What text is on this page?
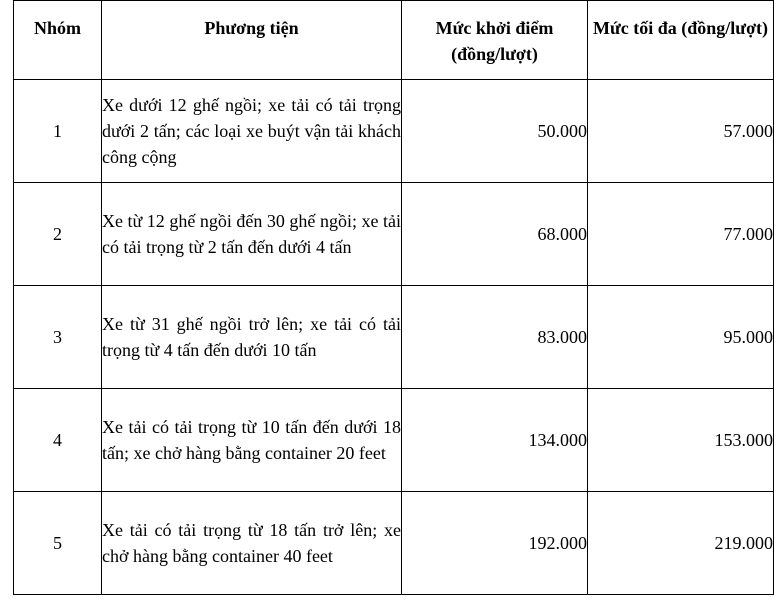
Nhóm	Phương tiện	Mức khởi điểm (đồng/lượt)	Mức tối đa (đồng/lượt)
1	Xe dưới 12 ghế ngồi; xe tải có tải trọng dưới 2 tấn; các loại xe buýt vận tải khách công cộng	50.000	57.000
2	Xe từ 12 ghế ngồi đến 30 ghế ngồi; xe tải có tải trọng từ 2 tấn đến dưới 4 tấn	68.000	77.000
3	Xe từ 31 ghế ngồi trở lên; xe tải có tải trọng từ 4 tấn đến dưới 10 tấn	83.000	95.000
4	Xe tải có tải trọng từ 10 tấn đến dưới 18 tấn; xe chở hàng bằng container 20 feet	134.000	153.000
5	Xe tải có tải trọng từ 18 tấn trở lên; xe chở hàng bằng container 40 feet	192.000	219.000
